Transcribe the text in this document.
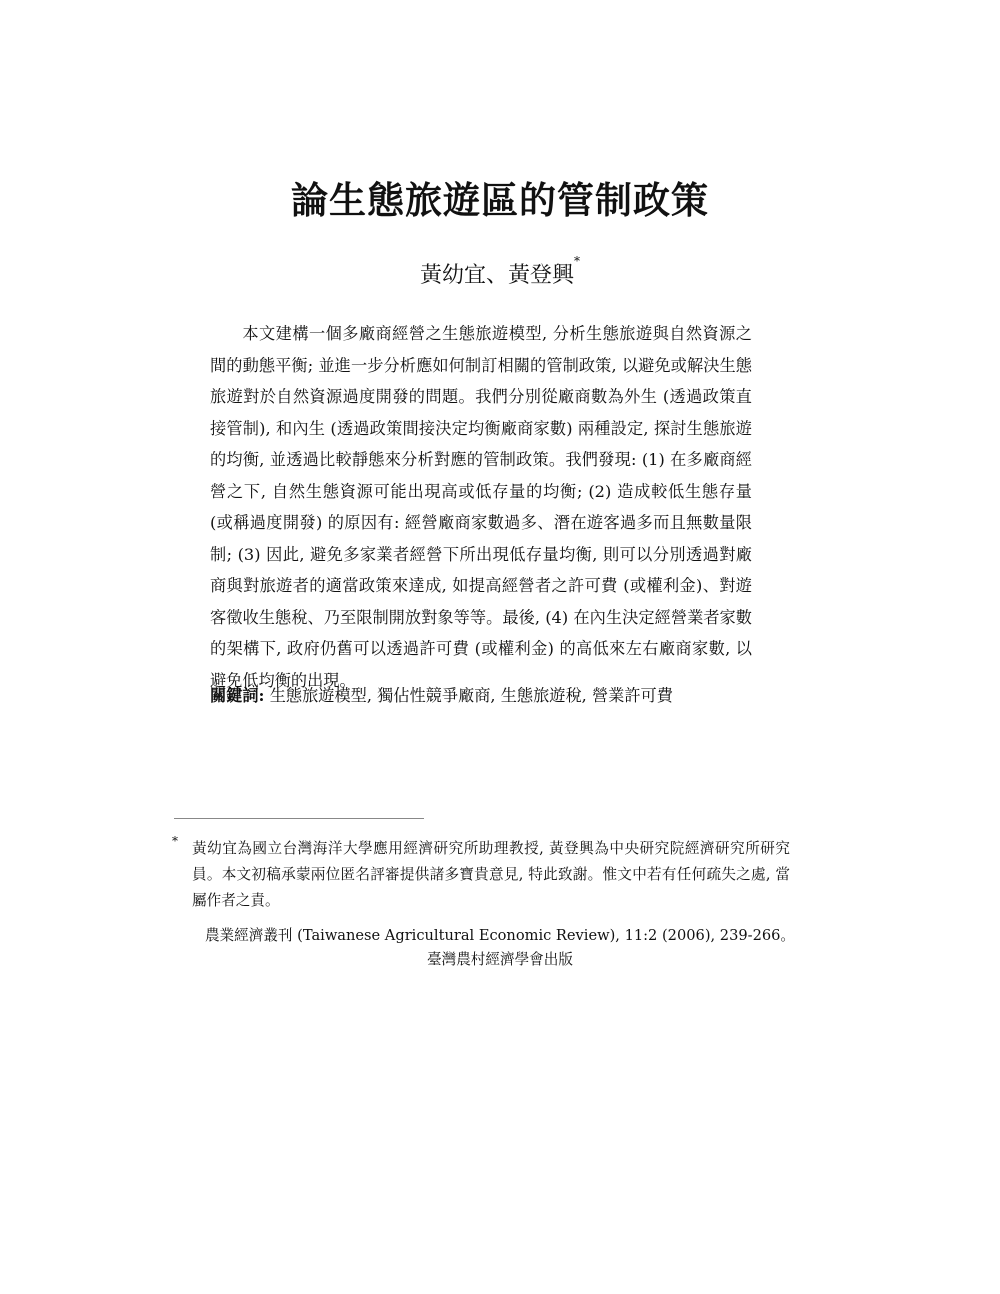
論生態旅遊區的管制政策
黃幼宜、黃登興*

本文建構一個多廠商經營之生態旅遊模型, 分析生態旅遊與自然資源之間的動態平衡; 並進一步分析應如何制訂相關的管制政策, 以避免或解決生態旅遊對於自然資源過度開發的問題。我們分別從廠商數為外生 (透過政策直接管制), 和內生 (透過政策間接決定均衡廠商家數) 兩種設定, 探討生態旅遊的均衡, 並透過比較靜態來分析對應的管制政策。我們發現: (1) 在多廠商經營之下, 自然生態資源可能出現高或低存量的均衡; (2) 造成較低生態存量 (或稱過度開發) 的原因有: 經營廠商家數過多、潛在遊客過多而且無數量限制; (3) 因此, 避免多家業者經營下所出現低存量均衡, 則可以分別透過對廠商與對旅遊者的適當政策來達成, 如提高經營者之許可費 (或權利金)、對遊客徵收生態稅、乃至限制開放對象等等。最後, (4) 在內生決定經營業者家數的架構下, 政府仍舊可以透過許可費 (或權利金) 的高低來左右廠商家數, 以避免低均衡的出現。

關鍵詞: 生態旅遊模型, 獨佔性競爭廠商, 生態旅遊稅, 營業許可費

* 黃幼宜為國立台灣海洋大學應用經濟研究所助理教授, 黃登興為中央研究院經濟研究所研究員。本文初稿承蒙兩位匿名評審提供諸多寶貴意見, 特此致謝。惟文中若有任何疏失之處, 當屬作者之責。

農業經濟叢刊 (Taiwanese Agricultural Economic Review), 11:2 (2006), 239-266。
臺灣農村經濟學會出版
